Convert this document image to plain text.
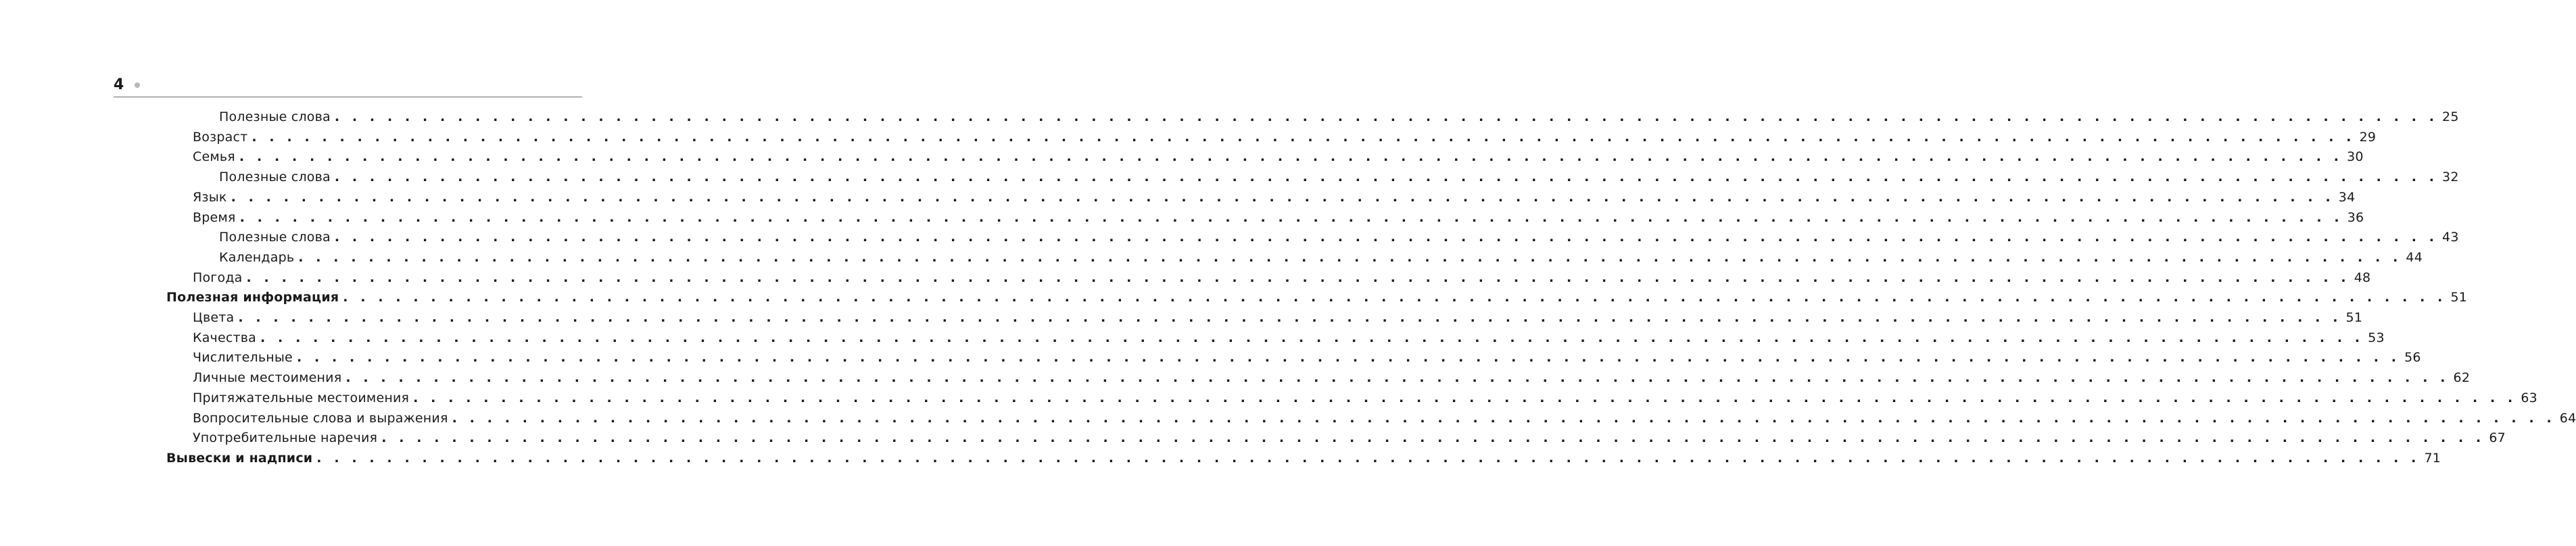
4
Полезные слова . . . . . . . . . . . . . . . . . . . . . . . . . . . . . . . . . . . . . . . . . . . . . . . . . . . . . . . . . . . . . . . . . . . . . . . . . . . . . . . . . . . . . . . . . . . . . . . . . . . . . . . . . . . . . . . . . . . . . . . . 25
Возраст . . . . . . . . . . . . . . . . . . . . . . . . . . . . . . . . . . . . . . . . . . . . . . . . . . . . . . . . . . . . . . . . . . . . . . . . . . . . . . . . . . . . . . . . . . . . . . . . . . . . . . . . . . . . . . . . . . . . . . . . 29
Семья . . . . . . . . . . . . . . . . . . . . . . . . . . . . . . . . . . . . . . . . . . . . . . . . . . . . . . . . . . . . . . . . . . . . . . . . . . . . . . . . . . . . . . . . . . . . . . . . . . . . . . . . . . . . . . . . . . . . . . . . 30
Полезные слова . . . . . . . . . . . . . . . . . . . . . . . . . . . . . . . . . . . . . . . . . . . . . . . . . . . . . . . . . . . . . . . . . . . . . . . . . . . . . . . . . . . . . . . . . . . . . . . . . . . . . . . . . . . . . . . . . . . . . . . . 32
Язык . . . . . . . . . . . . . . . . . . . . . . . . . . . . . . . . . . . . . . . . . . . . . . . . . . . . . . . . . . . . . . . . . . . . . . . . . . . . . . . . . . . . . . . . . . . . . . . . . . . . . . . . . . . . . . . . . . . . . . . . 34
Время . . . . . . . . . . . . . . . . . . . . . . . . . . . . . . . . . . . . . . . . . . . . . . . . . . . . . . . . . . . . . . . . . . . . . . . . . . . . . . . . . . . . . . . . . . . . . . . . . . . . . . . . . . . . . . . . . . . . . . . . 36
Полезные слова . . . . . . . . . . . . . . . . . . . . . . . . . . . . . . . . . . . . . . . . . . . . . . . . . . . . . . . . . . . . . . . . . . . . . . . . . . . . . . . . . . . . . . . . . . . . . . . . . . . . . . . . . . . . . . . . . . . . . . . . 43
Календарь . . . . . . . . . . . . . . . . . . . . . . . . . . . . . . . . . . . . . . . . . . . . . . . . . . . . . . . . . . . . . . . . . . . . . . . . . . . . . . . . . . . . . . . . . . . . . . . . . . . . . . . . . . . . . . . . . . . . . . . . 44
Погода . . . . . . . . . . . . . . . . . . . . . . . . . . . . . . . . . . . . . . . . . . . . . . . . . . . . . . . . . . . . . . . . . . . . . . . . . . . . . . . . . . . . . . . . . . . . . . . . . . . . . . . . . . . . . . . . . . . . . . . . 48
Полезная информация . . . . . . . . . . . . . . . . . . . . . . . . . . . . . . . . . . . . . . . . . . . . . . . . . . . . . . . . . . . . . . . . . . . . . . . . . . . . . . . . . . . . . . . . . . . . . . . . . . . . . . . . . . . . . . . . . . . . . . . . 51
Цвета . . . . . . . . . . . . . . . . . . . . . . . . . . . . . . . . . . . . . . . . . . . . . . . . . . . . . . . . . . . . . . . . . . . . . . . . . . . . . . . . . . . . . . . . . . . . . . . . . . . . . . . . . . . . . . . . . . . . . . . . 51
Качества . . . . . . . . . . . . . . . . . . . . . . . . . . . . . . . . . . . . . . . . . . . . . . . . . . . . . . . . . . . . . . . . . . . . . . . . . . . . . . . . . . . . . . . . . . . . . . . . . . . . . . . . . . . . . . . . . . . . . . . . 53
Числительные . . . . . . . . . . . . . . . . . . . . . . . . . . . . . . . . . . . . . . . . . . . . . . . . . . . . . . . . . . . . . . . . . . . . . . . . . . . . . . . . . . . . . . . . . . . . . . . . . . . . . . . . . . . . . . . . . . . . . . . . 56
Личные местоимения . . . . . . . . . . . . . . . . . . . . . . . . . . . . . . . . . . . . . . . . . . . . . . . . . . . . . . . . . . . . . . . . . . . . . . . . . . . . . . . . . . . . . . . . . . . . . . . . . . . . . . . . . . . . . . . . . . . . . . . . 62
Притяжательные местоимения . . . . . . . . . . . . . . . . . . . . . . . . . . . . . . . . . . . . . . . . . . . . . . . . . . . . . . . . . . . . . . . . . . . . . . . . . . . . . . . . . . . . . . . . . . . . . . . . . . . . . . . . . . . . . . . . . . . . . . . . 63
Вопросительные слова и выражения . . . . . . . . . . . . . . . . . . . . . . . . . . . . . . . . . . . . . . . . . . . . . . . . . . . . . . . . . . . . . . . . . . . . . . . . . . . . . . . . . . . . . . . . . . . . . . . . . . . . . . . . . . . . . . . . . . . . . . . . 64
Употребительные наречия . . . . . . . . . . . . . . . . . . . . . . . . . . . . . . . . . . . . . . . . . . . . . . . . . . . . . . . . . . . . . . . . . . . . . . . . . . . . . . . . . . . . . . . . . . . . . . . . . . . . . . . . . . . . . . . . . . . . . . . . 67
Вывески и надписи . . . . . . . . . . . . . . . . . . . . . . . . . . . . . . . . . . . . . . . . . . . . . . . . . . . . . . . . . . . . . . . . . . . . . . . . . . . . . . . . . . . . . . . . . . . . . . . . . . . . . . . . . . . . . . . . . . . . . . . . 71
